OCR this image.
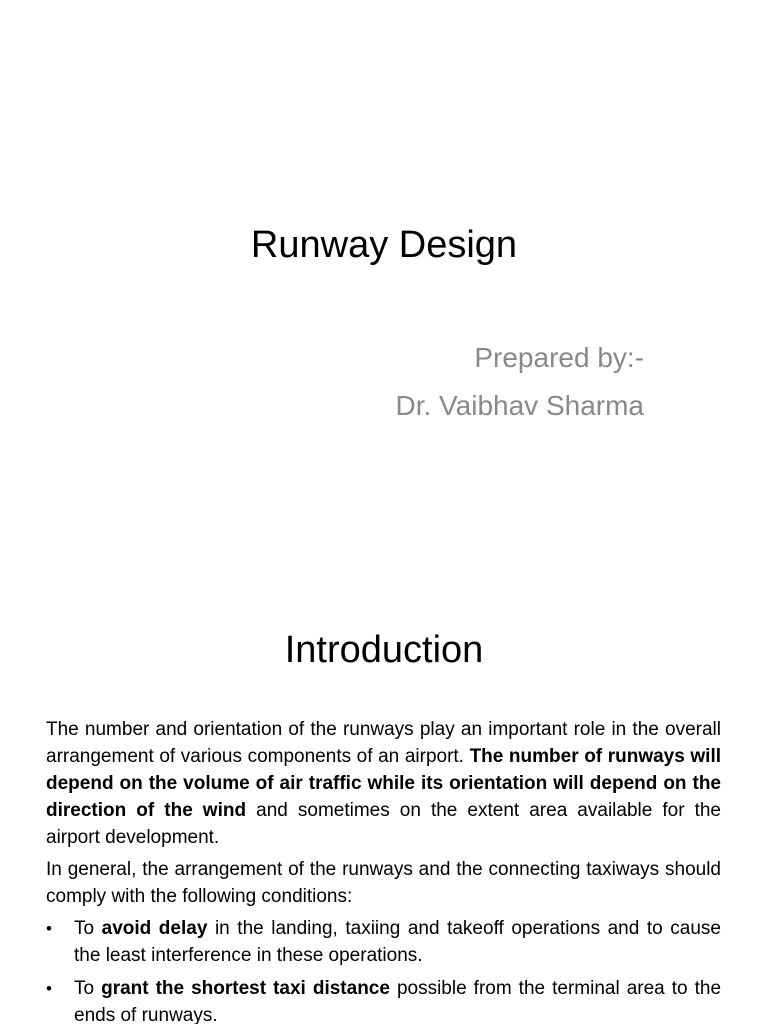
Runway Design
Prepared by:-
Dr. Vaibhav Sharma
Introduction

The number and orientation of the runways play an important role in the overall arrangement of various components of an airport. The number of runways will depend on the volume of air traffic while its orientation will depend on the direction of the wind and sometimes on the extent area available for the airport development.

In general, the arrangement of the runways and the connecting taxiways should comply with the following conditions:

• To avoid delay in the landing, taxiing and takeoff operations and to cause the least interference in these operations.
• To grant the shortest taxi distance possible from the terminal area to the ends of runways.
